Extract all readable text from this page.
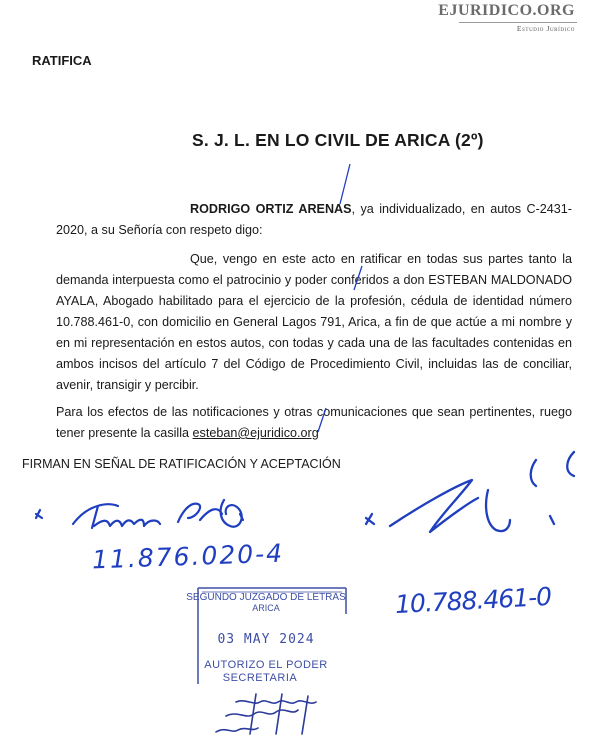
EJURIDICO.ORG
Estudio Jurídico
RATIFICA
S. J. L. EN LO CIVIL DE ARICA (2º)
RODRIGO ORTIZ ARENAS, ya individualizado, en autos C-2431-2020, a su Señoría con respeto digo:
Que, vengo en este acto en ratificar en todas sus partes tanto la demanda interpuesta como el patrocinio y poder conferidos a don ESTEBAN MALDONADO AYALA, Abogado habilitado para el ejercicio de la profesión, cédula de identidad número 10.788.461-0, con domicilio en General Lagos 791, Arica, a fin de que actúe a mi nombre y en mi representación en estos autos, con todas y cada una de las facultades contenidas en ambos incisos del artículo 7 del Código de Procedimiento Civil, incluidas las de conciliar, avenir, transigir y percibir.
Para los efectos de las notificaciones y otras comunicaciones que sean pertinentes, ruego tener presente la casilla esteban@ejuridico.org
FIRMAN EN SEÑAL DE RATIFICACIÓN Y ACEPTACIÓN
11.876.020-4
10.788.461-0
SEGUNDO JUZGADO DE LETRAS
ARICA
03 MAY 2024
AUTORIZO EL PODER
SECRETARIA
